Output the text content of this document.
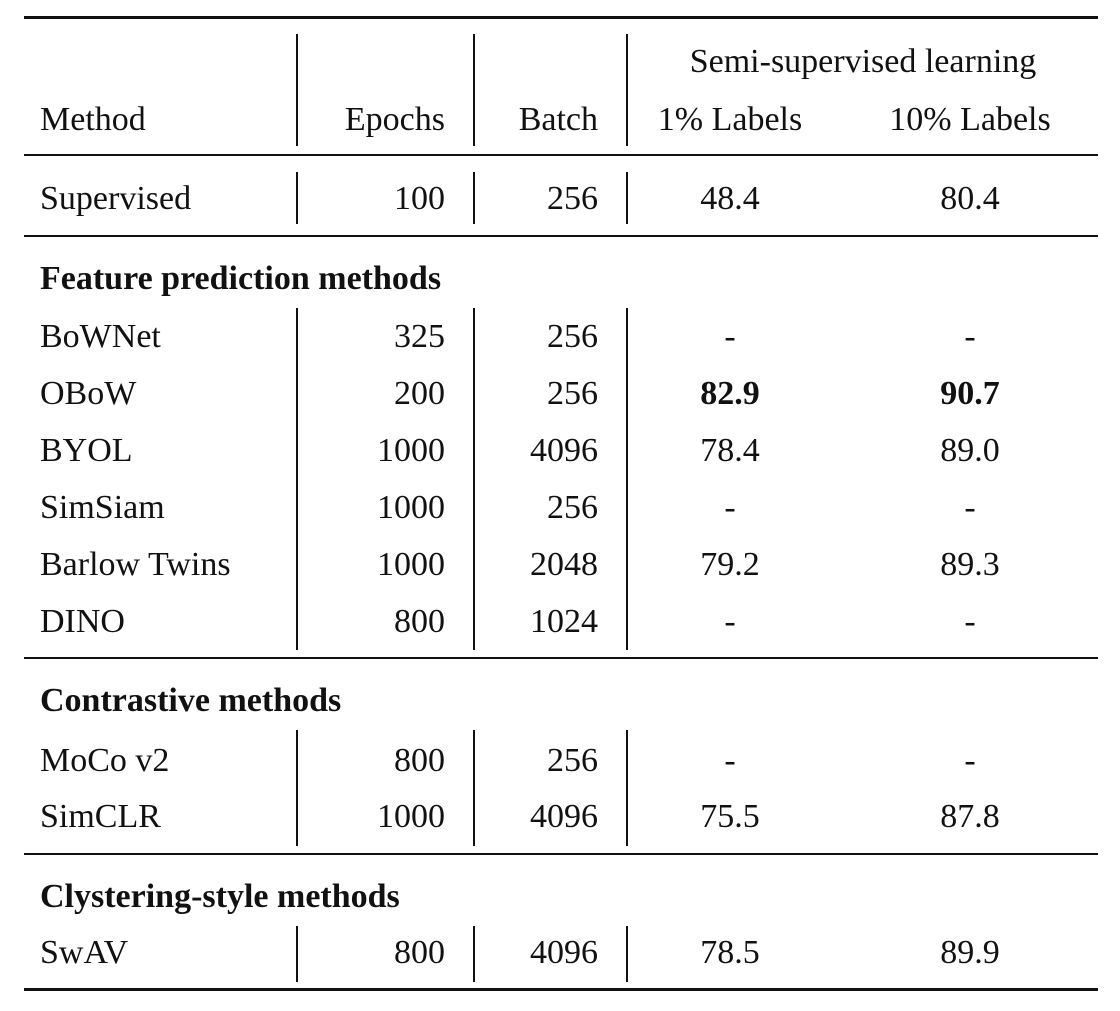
Semi-supervised learning
Method	Epochs	Batch	1% Labels	10% Labels
Supervised	100	256	48.4	80.4
Feature prediction methods
BoWNet	325	256	-	-
OBoW	200	256	82.9	90.7
BYOL	1000	4096	78.4	89.0
SimSiam	1000	256	-	-
Barlow Twins	1000	2048	79.2	89.3
DINO	800	1024	-	-
Contrastive methods
MoCo v2	800	256	-	-
SimCLR	1000	4096	75.5	87.8
Clystering-style methods
SwAV	800	4096	78.5	89.9
